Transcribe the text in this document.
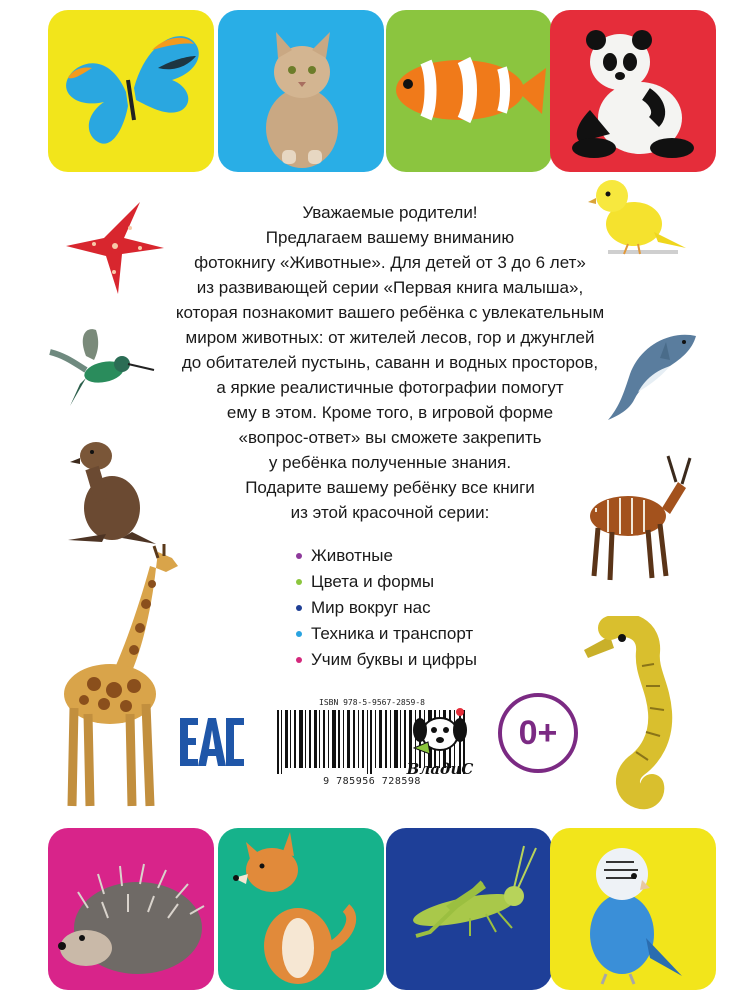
Уважаемые родители!

Предлагаем вашему вниманию

фотокнигу «Животные». Для детей от 3 до 6 лет»

из развивающей серии «Первая книга малыша»,

которая познакомит вашего ребёнка с увлекательным

миром животных: от жителей лесов, гор и джунглей

до обитателей пустынь, саванн и водных просторов,

а яркие реалистичные фотографии помогут

ему в этом. Кроме того, в игровой форме

«вопрос-ответ» вы сможете закрепить

у ребёнка полученные знания.

Подарите вашему ребёнку все книги

из этой красочной серии:

Животные
Цвета и формы
Мир вокруг нас
Техника и транспорт
Учим буквы и цифры
ISBN 978-5-9567-2859-8
9 785956 728598
ВладиС
0+
